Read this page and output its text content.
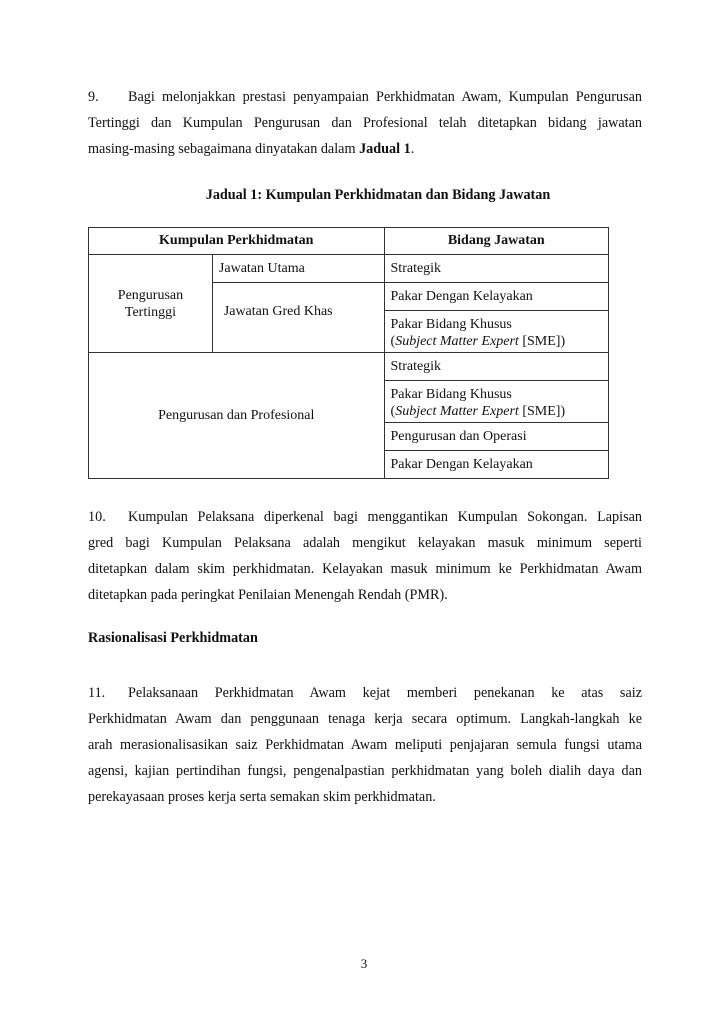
9. Bagi melonjakkan prestasi penyampaian Perkhidmatan Awam, Kumpulan Pengurusan
Tertinggi dan Kumpulan Pengurusan dan Profesional telah ditetapkan bidang jawatan
masing-masing sebagaimana dinyatakan dalam Jadual 1.
Jadual 1: Kumpulan Perkhidmatan dan Bidang Jawatan
Kumpulan Perkhidmatan		Bidang Jawatan
Pengurusan Tertinggi	Jawatan Utama	Strategik
	Jawatan Gred Khas	Pakar Dengan Kelayakan
		Pakar Bidang Khusus
(Subject Matter Expert [SME])
Pengurusan dan Profesional		Strategik
		Pakar Bidang Khusus
(Subject Matter Expert [SME])
		Pengurusan dan Operasi
		Pakar Dengan Kelayakan
10. Kumpulan Pelaksana diperkenal bagi menggantikan Kumpulan Sokongan. Lapisan
gred bagi Kumpulan Pelaksana adalah mengikut kelayakan masuk minimum seperti
ditetapkan dalam skim perkhidmatan. Kelayakan masuk minimum ke Perkhidmatan Awam
ditetapkan pada peringkat Penilaian Menengah Rendah (PMR).
Rasionalisasi Perkhidmatan
11. Pelaksanaan Perkhidmatan Awam kejat memberi penekanan ke atas saiz
Perkhidmatan Awam dan penggunaan tenaga kerja secara optimum. Langkah-langkah ke
arah merasionalisasikan saiz Perkhidmatan Awam meliputi penjajaran semula fungsi utama
agensi, kajian pertindihan fungsi, pengenalpastian perkhidmatan yang boleh dialih daya dan
perekayasaan proses kerja serta semakan skim perkhidmatan.
3
